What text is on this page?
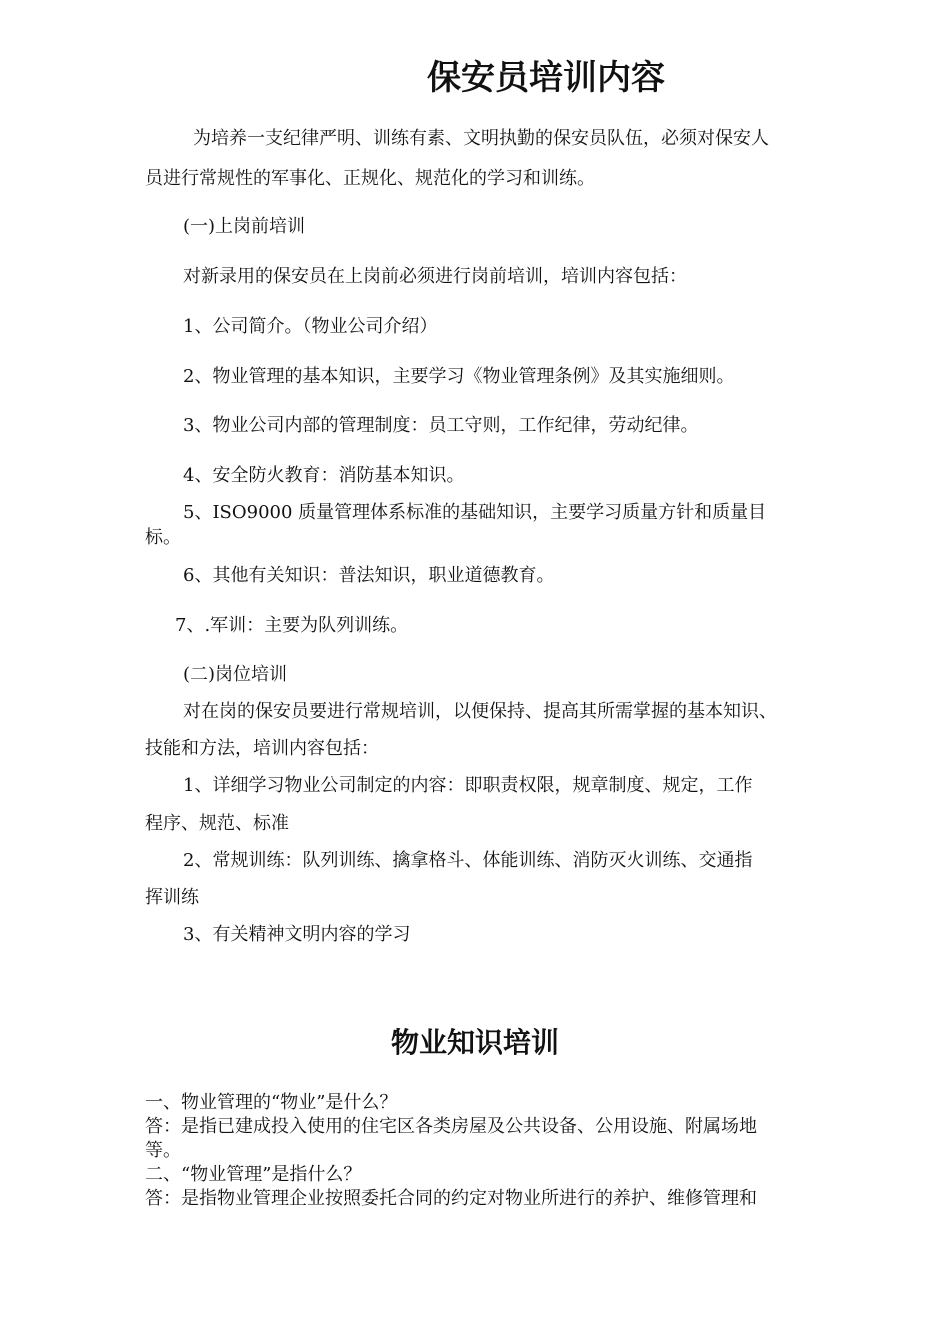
保安员培训内容
为培养一支纪律严明、训练有素、文明执勤的保安员队伍，必须对保安人
员进行常规性的军事化、正规化、规范化的学习和训练。
(一)上岗前培训
对新录用的保安员在上岗前必须进行岗前培训，培训内容包括：
1、公司简介。（物业公司介绍）
2、物业管理的基本知识，主要学习《物业管理条例》及其实施细则。
3、物业公司内部的管理制度：员工守则，工作纪律，劳动纪律。
4、安全防火教育：消防基本知识。
5、ISO9000 质量管理体系标准的基础知识，主要学习质量方针和质量目
标。
6、其他有关知识：普法知识，职业道德教育。
7、.军训：主要为队列训练。
(二)岗位培训
对在岗的保安员要进行常规培训，以便保持、提高其所需掌握的基本知识、
技能和方法，培训内容包括：
1、详细学习物业公司制定的内容：即职责权限，规章制度、规定，工作
程序、规范、标准
2、常规训练：队列训练、擒拿格斗、体能训练、消防灭火训练、交通指
挥训练
3、有关精神文明内容的学习
物业知识培训
一、物业管理的“物业”是什么？
答：是指已建成投入使用的住宅区各类房屋及公共设备、公用设施、附属场地
等。
二、“物业管理”是指什么？
答：是指物业管理企业按照委托合同的约定对物业所进行的养护、维修管理和
